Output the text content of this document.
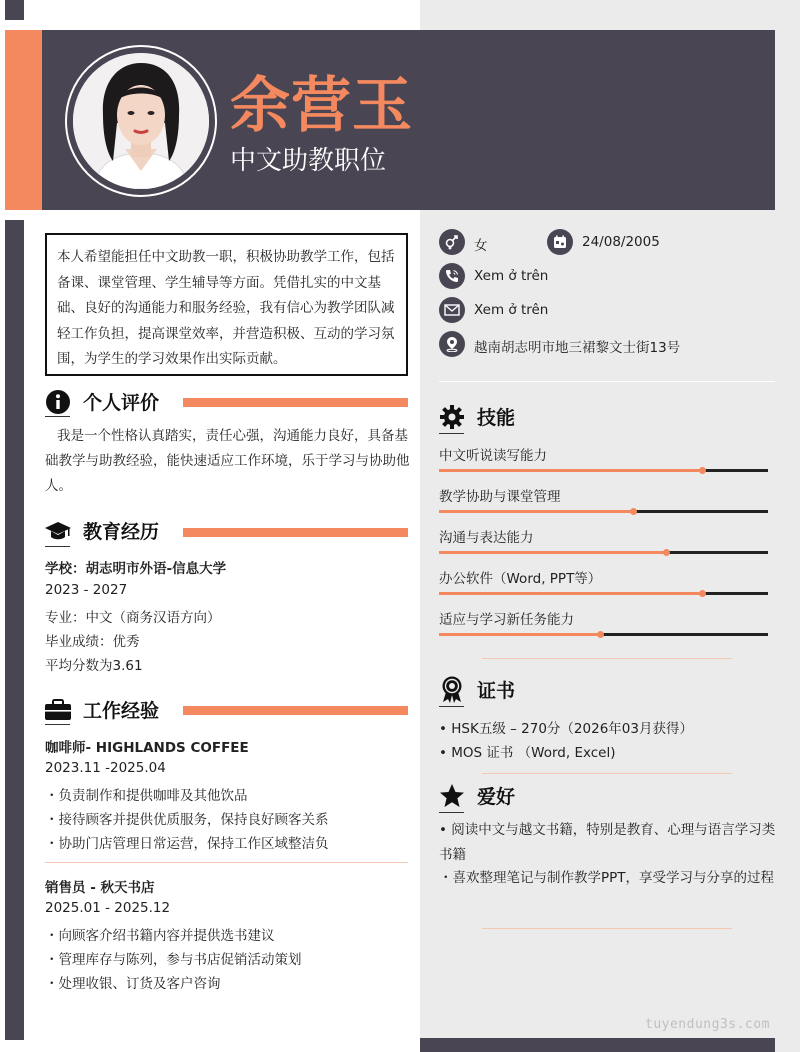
余营玉
中文助教职位
本人希望能担任中文助教一职，积极协助教学工作，包括备课、课堂管理、学生辅导等方面。凭借扎实的中文基础、良好的沟通能力和服务经验，我有信心为教学团队减轻工作负担，提高课堂效率，并营造积极、互动的学习氛围，为学生的学习效果作出实际贡献。
个人评价
我是一个性格认真踏实，责任心强，沟通能力良好，具备基础教学与助教经验，能快速适应工作环境，乐于学习与协助他人。
教育经历
学校：胡志明市外语-信息大学
2023 - 2027
专业：中文（商务汉语方向）
毕业成绩：优秀
平均分数为3.61
工作经验
咖啡师- HIGHLANDS COFFEE
2023.11 -2025.04
・负责制作和提供咖啡及其他饮品
・接待顾客并提供优质服务，保持良好顾客关系
・协助门店管理日常运营，保持工作区域整洁负
销售员 - 秋天书店
2025.01 - 2025.12
・向顾客介绍书籍内容并提供选书建议
・管理库存与陈列，参与书店促销活动策划
・处理收银、订货及客户咨询
女	24/08/2005
Xem ở trên
Xem ở trên
越南胡志明市地三裙黎文士街13号
技能
中文听说读写能力
教学协助与课堂管理
沟通与表达能力
办公软件（Word, PPT等）
适应与学习新任务能力
证书
• HSK五级 – 270分（2026年03月获得）
• MOS 证书 （Word, Excel)
爱好
• 阅读中文与越文书籍，特别是教育、心理与语言学习类书籍
・喜欢整理笔记与制作教学PPT，享受学习与分享的过程
tuyendung3s.com
